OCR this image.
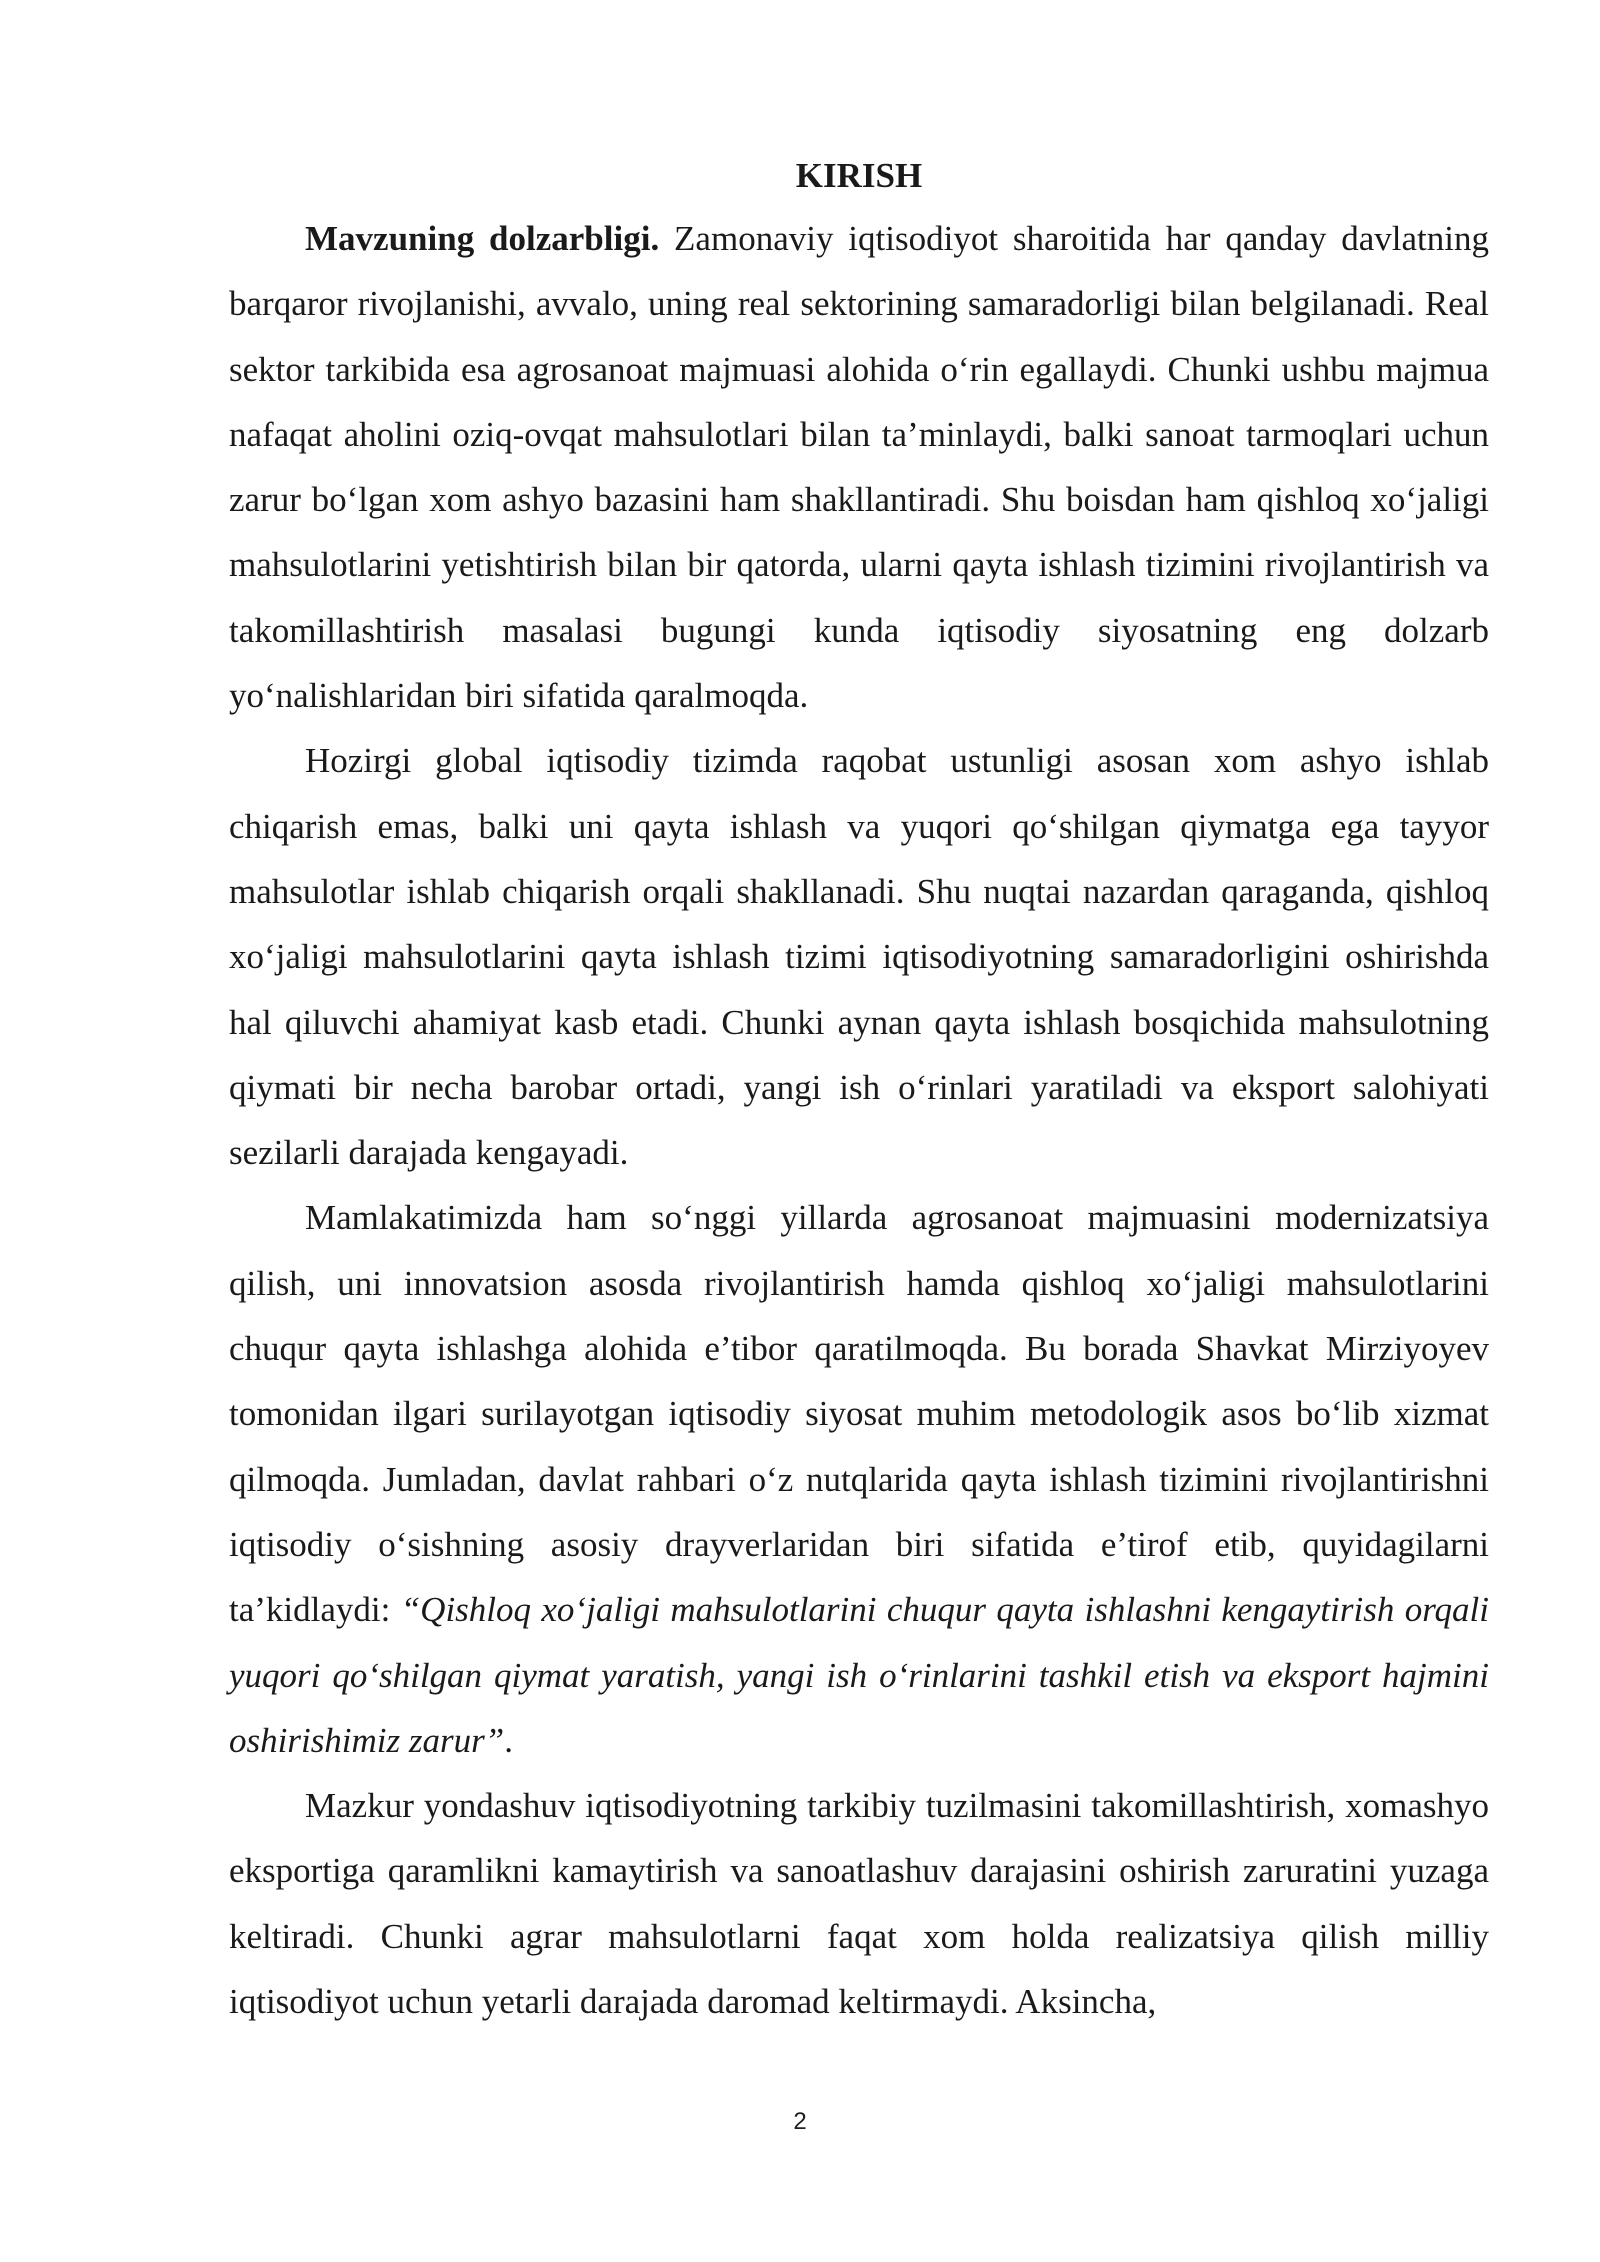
KIRISH

Mavzuning dolzarbligi. Zamonaviy iqtisodiyot sharoitida har qanday davlatning barqaror rivojlanishi, avvalo, uning real sektorining samaradorligi bilan belgilanadi. Real sektor tarkibida esa agrosanoat majmuasi alohida o‘rin egallaydi. Chunki ushbu majmua nafaqat aholini oziq-ovqat mahsulotlari bilan ta’minlaydi, balki sanoat tarmoqlari uchun zarur bo‘lgan xom ashyo bazasini ham shakllantiradi. Shu boisdan ham qishloq xo‘jaligi mahsulotlarini yetishtirish bilan bir qatorda, ularni qayta ishlash tizimini rivojlantirish va takomillashtirish masalasi bugungi kunda iqtisodiy siyosatning eng dolzarb yo‘nalishlaridan biri sifatida qaralmoqda.

Hozirgi global iqtisodiy tizimda raqobat ustunligi asosan xom ashyo ishlab chiqarish emas, balki uni qayta ishlash va yuqori qo‘shilgan qiymatga ega tayyor mahsulotlar ishlab chiqarish orqali shakllanadi. Shu nuqtai nazardan qaraganda, qishloq xo‘jaligi mahsulotlarini qayta ishlash tizimi iqtisodiyotning samaradorligini oshirishda hal qiluvchi ahamiyat kasb etadi. Chunki aynan qayta ishlash bosqichida mahsulotning qiymati bir necha barobar ortadi, yangi ish o‘rinlari yaratiladi va eksport salohiyati sezilarli darajada kengayadi.

Mamlakatimizda ham so‘nggi yillarda agrosanoat majmuasini modernizatsiya qilish, uni innovatsion asosda rivojlantirish hamda qishloq xo‘jaligi mahsulotlarini chuqur qayta ishlashga alohida e’tibor qaratilmoqda. Bu borada Shavkat Mirziyoyev tomonidan ilgari surilayotgan iqtisodiy siyosat muhim metodologik asos bo‘lib xizmat qilmoqda. Jumladan, davlat rahbari o‘z nutqlarida qayta ishlash tizimini rivojlantirishni iqtisodiy o‘sishning asosiy drayverlaridan biri sifatida e’tirof etib, quyidagilarni ta’kidlaydi: “Qishloq xo‘jaligi mahsulotlarini chuqur qayta ishlashni kengaytirish orqali yuqori qo‘shilgan qiymat yaratish, yangi ish o‘rinlarini tashkil etish va eksport hajmini oshirishimiz zarur”.

Mazkur yondashuv iqtisodiyotning tarkibiy tuzilmasini takomillashtirish, xomashyo eksportiga qaramlikni kamaytirish va sanoatlashuv darajasini oshirish zaruratini yuzaga keltiradi. Chunki agrar mahsulotlarni faqat xom holda realizatsiya qilish milliy iqtisodiyot uchun yetarli darajada daromad keltirmaydi. Aksincha,

2
